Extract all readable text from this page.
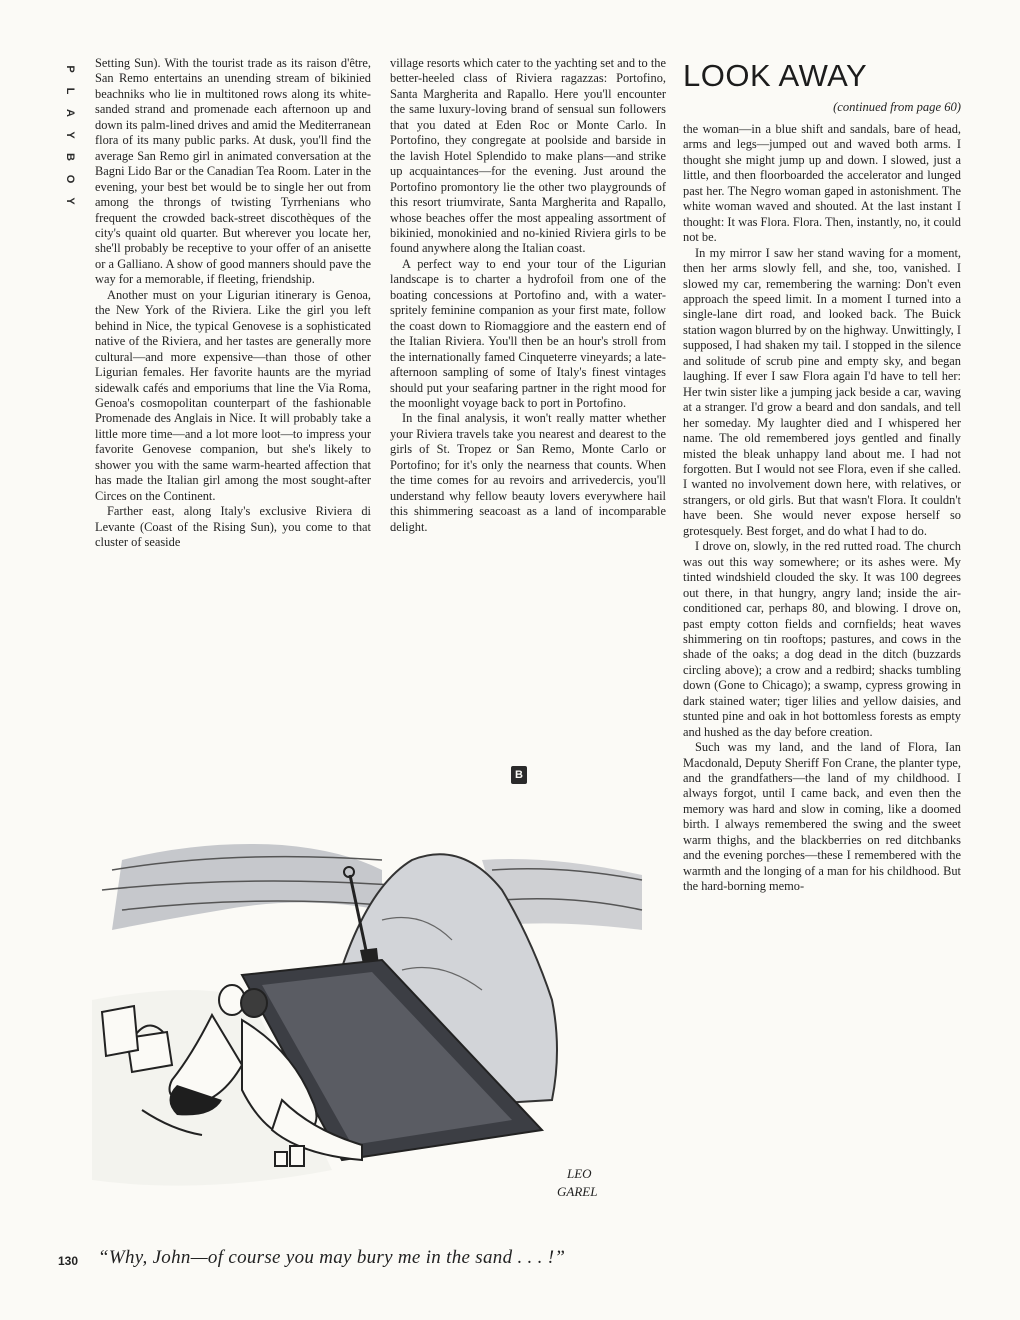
P
L
A
Y
B
O
Y

Setting Sun). With the tourist trade as its raison d'être, San Remo entertains an unending stream of bikinied beachniks who lie in multitoned rows along its white-sanded strand and promenade each afternoon up and down its palm-lined drives and amid the Mediterranean flora of its many public parks. At dusk, you'll find the average San Remo girl in animated conversation at the Bagni Lido Bar or the Canadian Tea Room. Later in the evening, your best bet would be to single her out from among the throngs of twisting Tyrrhenians who frequent the crowded back-street discothèques of the city's quaint old quarter. But wherever you locate her, she'll probably be receptive to your offer of an anisette or a Galliano. A show of good manners should pave the way for a memorable, if fleeting, friendship.

Another must on your Ligurian itinerary is Genoa, the New York of the Riviera. Like the girl you left behind in Nice, the typical Genovese is a sophisticated native of the Riviera, and her tastes are generally more cultural—and more expensive—than those of other Ligurian females. Her favorite haunts are the myriad sidewalk cafés and emporiums that line the Via Roma, Genoa's cosmopolitan counterpart of the fashionable Promenade des Anglais in Nice. It will probably take a little more time—and a lot more loot—to impress your favorite Genovese companion, but she's likely to shower you with the same warm-hearted affection that has made the Italian girl among the most sought-after Circes on the Continent.

Farther east, along Italy's exclusive Riviera di Levante (Coast of the Rising Sun), you come to that cluster of seaside

village resorts which cater to the yachting set and to the better-heeled class of Riviera ragazzas: Portofino, Santa Margherita and Rapallo. Here you'll encounter the same luxury-loving brand of sensual sun followers that you dated at Eden Roc or Monte Carlo. In Portofino, they congregate at poolside and barside in the lavish Hotel Splendido to make plans—and strike up acquaintances—for the evening. Just around the Portofino promontory lie the other two playgrounds of this resort triumvirate, Santa Margherita and Rapallo, whose beaches offer the most appealing assortment of bikinied, monokinied and no-kinied Riviera girls to be found anywhere along the Italian coast.

A perfect way to end your tour of the Ligurian landscape is to charter a hydrofoil from one of the boating concessions at Portofino and, with a water-spritely feminine companion as your first mate, follow the coast down to Riomaggiore and the eastern end of the Italian Riviera. You'll then be an hour's stroll from the internationally famed Cinqueterre vineyards; a late-afternoon sampling of some of Italy's finest vintages should put your seafaring partner in the right mood for the moonlight voyage back to port in Portofino.

In the final analysis, it won't really matter whether your Riviera travels take you nearest and dearest to the girls of St. Tropez or San Remo, Monte Carlo or Portofino; for it's only the nearness that counts. When the time comes for au revoirs and arrivedercis, you'll understand why fellow beauty lovers everywhere hail this shimmering seacoast as a land of incomparable delight.

B
LOOK AWAY
(continued from page 60)

the woman—in a blue shift and sandals, bare of head, arms and legs—jumped out and waved both arms. I thought she might jump up and down. I slowed, just a little, and then floorboarded the accelerator and lunged past her. The Negro woman gaped in astonishment. The white woman waved and shouted. At the last instant I thought: It was Flora. Flora. Then, instantly, no, it could not be.

In my mirror I saw her stand waving for a moment, then her arms slowly fell, and she, too, vanished. I slowed my car, remembering the warning: Don't even approach the speed limit. In a moment I turned into a single-lane dirt road, and looked back. The Buick station wagon blurred by on the highway. Unwittingly, I supposed, I had shaken my tail. I stopped in the silence and solitude of scrub pine and empty sky, and began laughing. If ever I saw Flora again I'd have to tell her: Her twin sister like a jumping jack beside a car, waving at a stranger. I'd grow a beard and don sandals, and tell her someday. My laughter died and I whispered her name. The old remembered joys gentled and finally misted the bleak unhappy land about me. I had not forgotten. But I would not see Flora, even if she called. I wanted no involvement down here, with relatives, or strangers, or old girls. But that wasn't Flora. It couldn't have been. She would never expose herself so grotesquely. Best forget, and do what I had to do.

I drove on, slowly, in the red rutted road. The church was out this way somewhere; or its ashes were. My tinted windshield clouded the sky. It was 100 degrees out there, in that hungry, angry land; inside the air-conditioned car, perhaps 80, and blowing. I drove on, past empty cotton fields and cornfields; heat waves shimmering on tin rooftops; pastures, and cows in the shade of the oaks; a dog dead in the ditch (buzzards circling above); a crow and a redbird; shacks tumbling down (Gone to Chicago); a swamp, cypress growing in dark stained water; tiger lilies and yellow daisies, and stunted pine and oak in hot bottomless forests as empty and hushed as the day before creation.

Such was my land, and the land of Flora, Ian Macdonald, Deputy Sheriff Fon Crane, the planter type, and the grandfathers—the land of my childhood. I always forgot, until I came back, and even then the memory was hard and slow in coming, like a doomed birth. I always remembered the swing and the sweet warm thighs, and the blackberries on red ditchbanks and the evening porches—these I remembered with the warmth and the longing of a man for his childhood. But the hard-borning memo-

LEO
GAREL
“Why, John—of course you may bury me in the sand . . . !”
130
